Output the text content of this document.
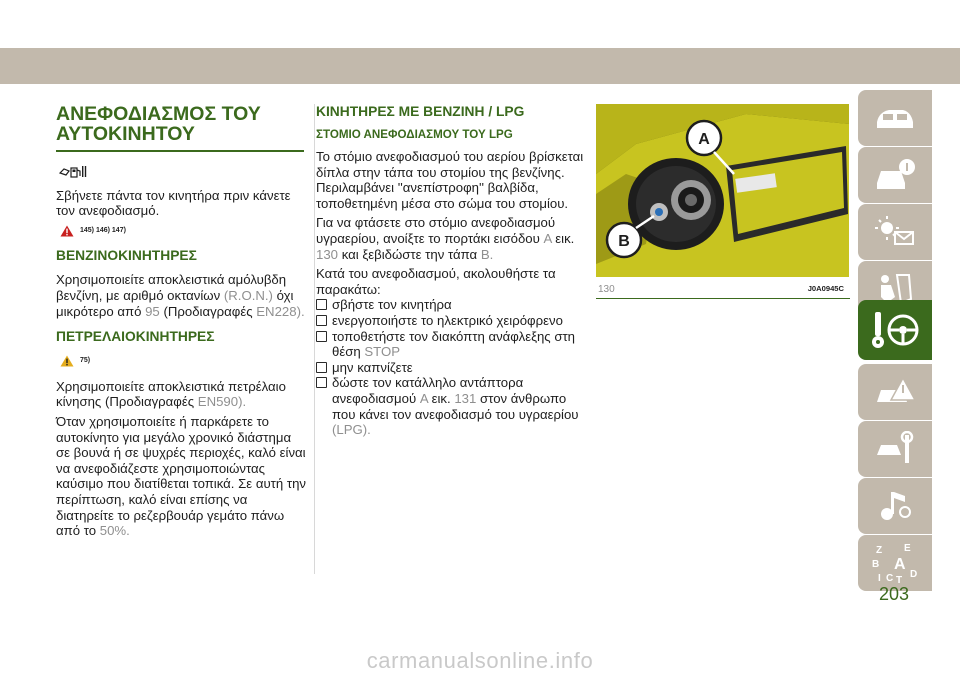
ΑΝΕΦΟΔΙΑΣΜΟΣ ΤΟΥ ΑΥΤΟΚΙΝΗΤΟΥ

Σβήνετε πάντα τον κινητήρα πριν κάνετε τον ανεφοδιασμό.

145) 146) 147)
ΒΕΝΖΙΝΟΚΙΝΗΤΗΡΕΣ

Χρησιμοποιείτε αποκλειστικά αμόλυβδη βενζίνη, με αριθμό οκτανίων (R.O.N.) όχι μικρότερο από 95 (Προδιαγραφές EN228).

ΠΕΤΡΕΛΑΙΟΚΙΝΗΤΗΡΕΣ
75)

Χρησιμοποιείτε αποκλειστικά πετρέλαιο κίνησης (Προδιαγραφές EN590).

Όταν χρησιμοποιείτε ή παρκάρετε το αυτοκίνητο για μεγάλο χρονικό διάστημα σε βουνά ή σε ψυχρές περιοχές, καλό είναι να ανεφοδιάζεστε χρησιμοποιώντας καύσιμο που διατίθεται τοπικά. Σε αυτή την περίπτωση, καλό είναι επίσης να διατηρείτε το ρεζερβουάρ γεμάτο πάνω από το 50%.

ΚΙΝΗΤΗΡΕΣ ΜΕ ΒΕΝΖΙΝΗ / LPG
ΣΤΟΜΙΟ ΑΝΕΦΟΔΙΑΣΜΟΥ ΤΟΥ LPG

Το στόμιο ανεφοδιασμού του αερίου βρίσκεται δίπλα στην τάπα του στομίου της βενζίνης. Περιλαμβάνει ''ανεπίστροφη'' βαλβίδα, τοποθετημένη μέσα στο σώμα του στομίου.

Για να φτάσετε στο στόμιο ανεφοδιασμού υγραερίου, ανοίξτε το πορτάκι εισόδου A εικ. 130 και ξεβιδώστε την τάπα B.

Κατά του ανεφοδιασμού, ακολουθήστε τα παρακάτω:

σβήστε τον κινητήρα
ενεργοποιήστε το ηλεκτρικό χειρόφρενο
τοποθετήστε τον διακόπτη ανάφλεξης στη θέση STOP
μην καπνίζετε
δώστε τον κατάλληλο αντάπτορα ανεφοδιασμού A εικ. 131 στον άνθρωπο που κάνει τον ανεφοδιασμό του υγραερίου (LPG).
A
B
130	J0A0945C
Z E
B A
I C T
D
203
carmanualsonline.info
